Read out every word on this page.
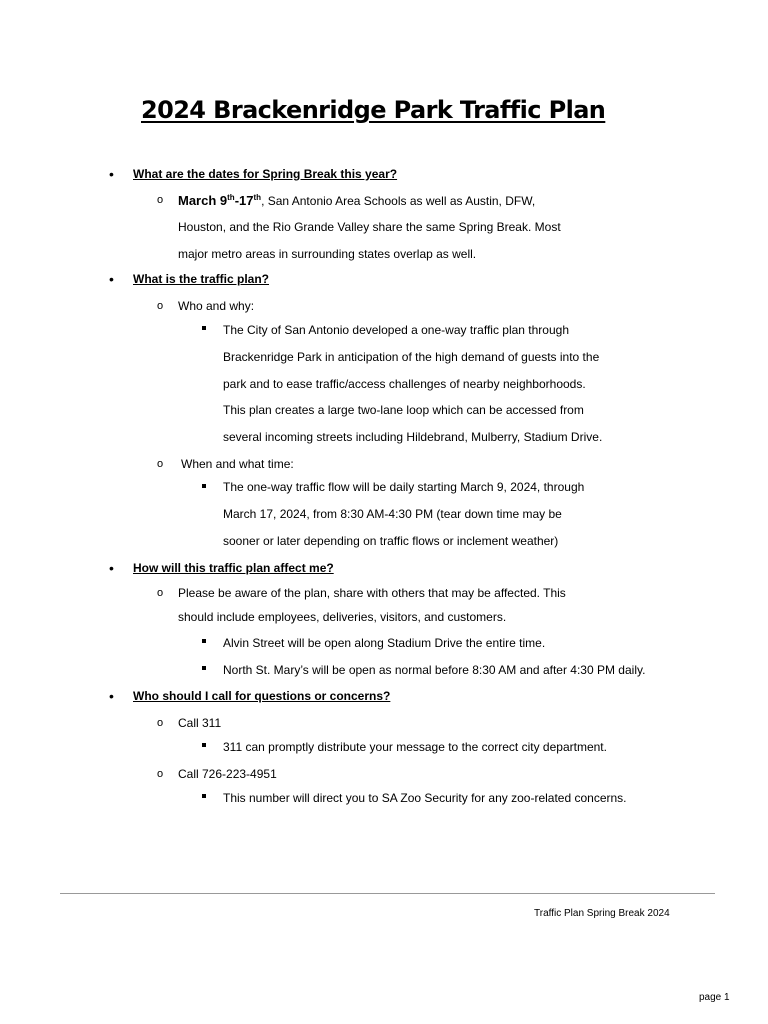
2024 Brackenridge Park Traffic Plan
• What are the dates for Spring Break this year?
o March 9th-17th, San Antonio Area Schools as well as Austin, DFW,
Houston, and the Rio Grande Valley share the same Spring Break. Most
major metro areas in surrounding states overlap as well.
• What is the traffic plan?
o Who and why:
The City of San Antonio developed a one-way traffic plan through
Brackenridge Park in anticipation of the high demand of guests into the
park and to ease traffic/access challenges of nearby neighborhoods.
This plan creates a large two-lane loop which can be accessed from
several incoming streets including Hildebrand, Mulberry, Stadium Drive.
o When and what time:
The one-way traffic flow will be daily starting March 9, 2024, through
March 17, 2024, from 8:30 AM-4:30 PM (tear down time may be
sooner or later depending on traffic flows or inclement weather)
• How will this traffic plan affect me?
o Please be aware of the plan, share with others that may be affected. This
should include employees, deliveries, visitors, and customers.
Alvin Street will be open along Stadium Drive the entire time.
North St. Mary’s will be open as normal before 8:30 AM and after 4:30 PM daily.
• Who should I call for questions or concerns?
o Call 311
311 can promptly distribute your message to the correct city department.
o Call 726-223-4951
This number will direct you to SA Zoo Security for any zoo-related concerns.
Traffic Plan Spring Break 2024
page 1
